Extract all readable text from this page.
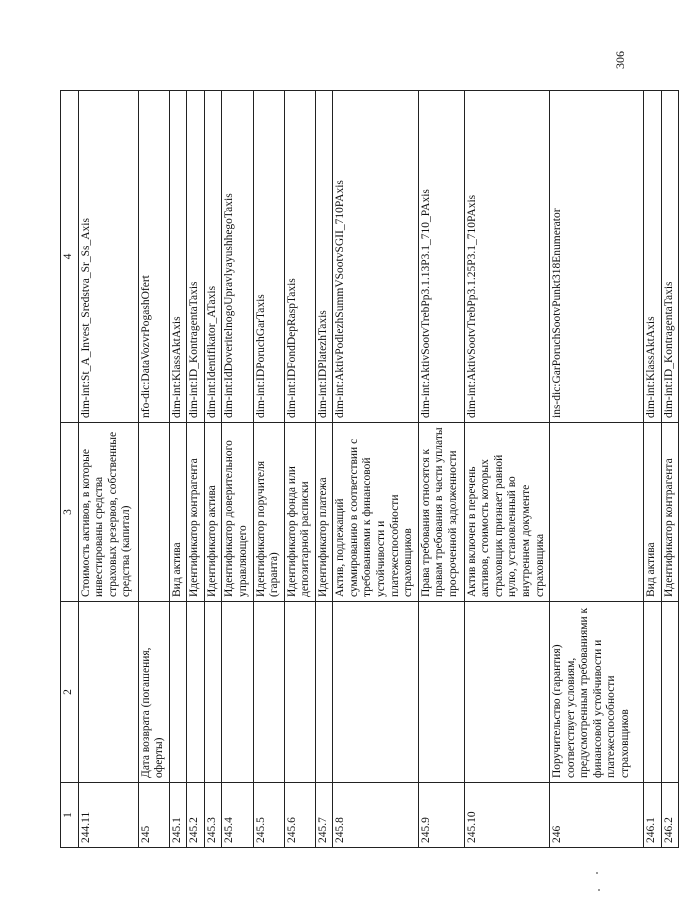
1	2	3	4
244.11		Стоимость активов, в которые инвестированы средства страховых резервов, собственные средства (капитал)	dim-int:St_A_Invest_Sredstva_Sr_Ss_Axis
245	Дата возврата (погашения, оферты)		nfo-dic:DataVozvrPogashOfert
245.1		Вид актива	dim-int:KlassAktAxis
245.2		Идентификатор контрагента	dim-int:ID_KontragentaTaxis
245.3		Идентификатор актива	dim-int:Identifikator_ATaxis
245.4		Идентификатор доверительного управляющего	dim-int:IdDoveritelnogoUpravlyayushhegoTaxis
245.5		Идентификатор поручителя (гаранта)	dim-int:IDPoruchGarTaxis
245.6		Идентификатор фонда или депозитарной расписки	dim-int:IDFondDepRaspTaxis
245.7		Идентификатор платежа	dim-int:IDPlatezhTaxis
245.8		Актив, подлежащий суммированию в соответствии с требованиями к финансовой устойчивости и платежеспособности страховщиков	dim-int:AktivPodlezhSummVSootvSGII_710PAxis
245.9		Права требования относятся к правам требования в части уплаты просроченной задолженности	dim-int:AktivSootvTrebPp3.1.13P3.1_710_PAxis
245.10		Актив включен в перечень активов, стоимость которых страховщик признает равной нулю, установленный во внутреннем документе страховщика	dim-int:AktivSootvTrebPp3.1.25P3.1_710PAxis
246	Поручительство (гарантия) соответствует условиям, предусмотренным требованиями к финансовой устойчивости и платежеспособности страховщиков		ins-dic:GarPoruchSootvPunkt318Enumerator
246.1		Вид актива	dim-int:KlassAktAxis
246.2		Идентификатор контрагента	dim-int:ID_KontragentaTaxis
306
